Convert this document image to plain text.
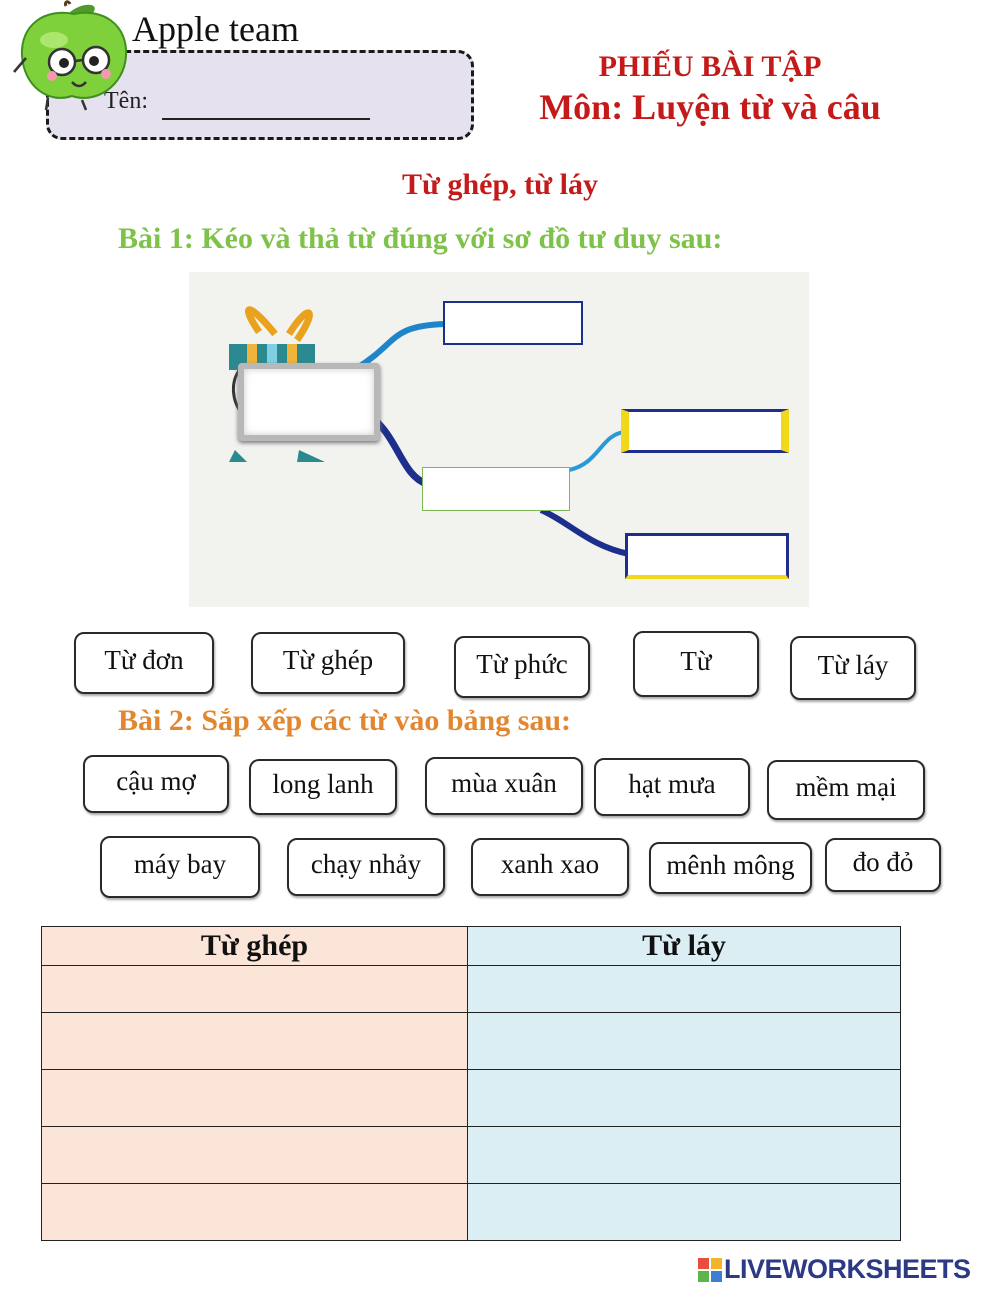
Apple team
Tên:
PHIẾU BÀI TẬP
Môn: Luyện từ và câu
Từ ghép, từ láy
Bài 1: Kéo và thả từ đúng với sơ đồ tư duy sau:
Từ đơn	Từ ghép	Từ phức	Từ	Từ láy
Bài 2: Sắp xếp các từ vào bảng sau:
cậu mợ	long lanh	mùa xuân	hạt mưa	mềm mại
máy bay	chạy nhảy	xanh xao	mênh mông	đo đỏ
Từ ghép	Từ láy

LIVEWORKSHEETS
